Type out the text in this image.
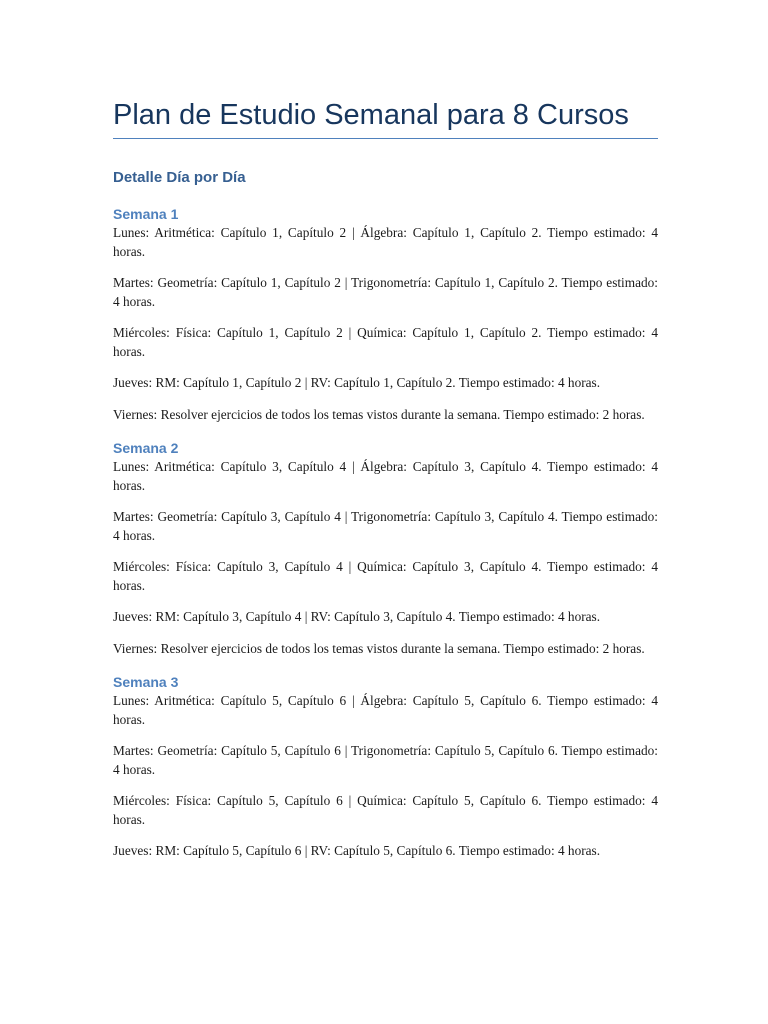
Plan de Estudio Semanal para 8 Cursos
Detalle Día por Día
Semana 1

Lunes: Aritmética: Capítulo 1, Capítulo 2 | Álgebra: Capítulo 1, Capítulo 2. Tiempo estimado: 4 horas.

Martes: Geometría: Capítulo 1, Capítulo 2 | Trigonometría: Capítulo 1, Capítulo 2. Tiempo estimado: 4 horas.

Miércoles: Física: Capítulo 1, Capítulo 2 | Química: Capítulo 1, Capítulo 2. Tiempo estimado: 4 horas.

Jueves: RM: Capítulo 1, Capítulo 2 | RV: Capítulo 1, Capítulo 2. Tiempo estimado: 4 horas.

Viernes: Resolver ejercicios de todos los temas vistos durante la semana. Tiempo estimado: 2 horas.

Semana 2

Lunes: Aritmética: Capítulo 3, Capítulo 4 | Álgebra: Capítulo 3, Capítulo 4. Tiempo estimado: 4 horas.

Martes: Geometría: Capítulo 3, Capítulo 4 | Trigonometría: Capítulo 3, Capítulo 4. Tiempo estimado: 4 horas.

Miércoles: Física: Capítulo 3, Capítulo 4 | Química: Capítulo 3, Capítulo 4. Tiempo estimado: 4 horas.

Jueves: RM: Capítulo 3, Capítulo 4 | RV: Capítulo 3, Capítulo 4. Tiempo estimado: 4 horas.

Viernes: Resolver ejercicios de todos los temas vistos durante la semana. Tiempo estimado: 2 horas.

Semana 3

Lunes: Aritmética: Capítulo 5, Capítulo 6 | Álgebra: Capítulo 5, Capítulo 6. Tiempo estimado: 4 horas.

Martes: Geometría: Capítulo 5, Capítulo 6 | Trigonometría: Capítulo 5, Capítulo 6. Tiempo estimado: 4 horas.

Miércoles: Física: Capítulo 5, Capítulo 6 | Química: Capítulo 5, Capítulo 6. Tiempo estimado: 4 horas.

Jueves: RM: Capítulo 5, Capítulo 6 | RV: Capítulo 5, Capítulo 6. Tiempo estimado: 4 horas.
